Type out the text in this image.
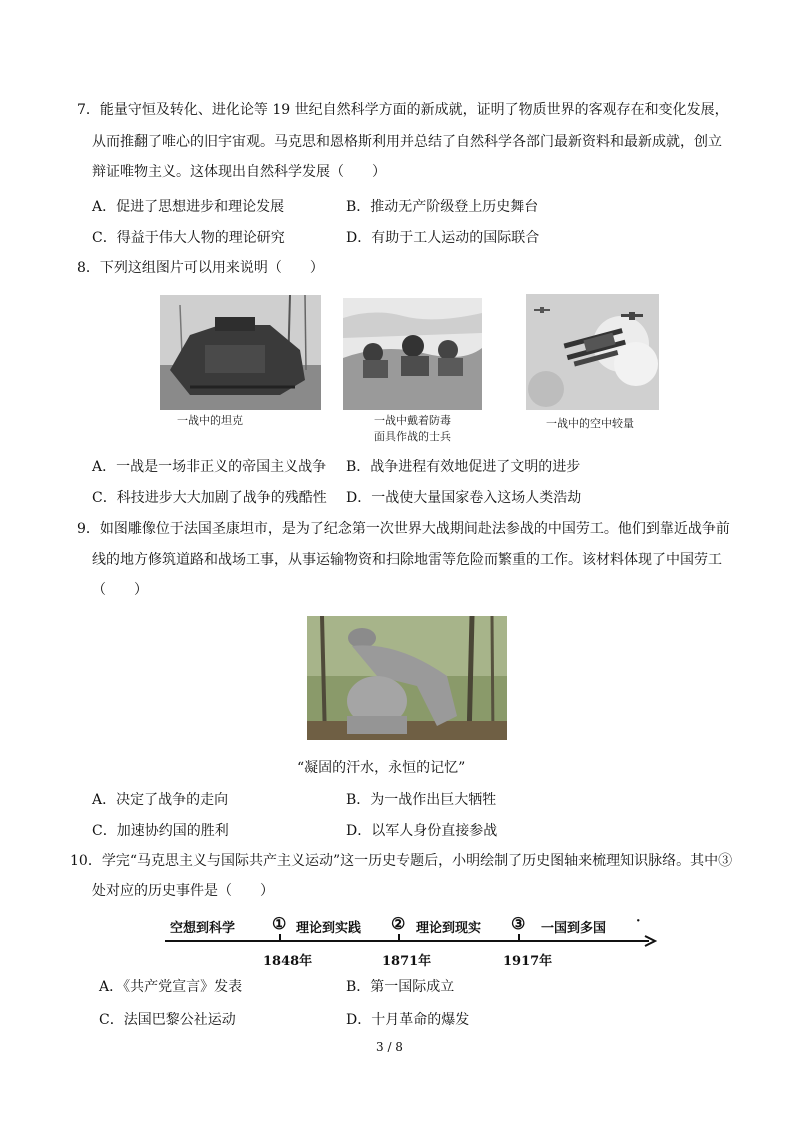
7．能量守恒及转化、进化论等 19 世纪自然科学方面的新成就，证明了物质世界的客观存在和变化发展，
从而推翻了唯心的旧宇宙观。马克思和恩格斯利用并总结了自然科学各部门最新资料和最新成就，创立
辩证唯物主义。这体现出自然科学发展（　　）
A．促进了思想进步和理论发展	B．推动无产阶级登上历史舞台
C．得益于伟大人物的理论研究	D．有助于工人运动的国际联合
8．下列这组图片可以用来说明（　　）
一战中的坦克	一战中戴着防毒
面具作战的士兵
一战中的空中较量
A．一战是一场非正义的帝国主义战争 B．战争进程有效地促进了文明的进步
C．科技进步大大加剧了战争的残酷性 D．一战使大量国家卷入这场人类浩劫
9．如图雕像位于法国圣康坦市，是为了纪念第一次世界大战期间赴法参战的中国劳工。他们到靠近战争前
线的地方修筑道路和战场工事，从事运输物资和扫除地雷等危险而繁重的工作。该材料体现了中国劳工
（　　）
“凝固的汗水，永恒的记忆”
A．决定了战争的走向	B．为一战作出巨大牺牲
C．加速协约国的胜利	D．以军人身份直接参战
10．学完“马克思主义与国际共产主义运动”这一历史专题后，小明绘制了历史图轴来梳理知识脉络。其中③
处对应的历史事件是（　　）
空想到科学 ① 理论到实践 ② 理论到现实 ③ 一国到多国 ·
1848年	1871年	1917年
A．《共产党宣言》发表	B．第一国际成立
C．法国巴黎公社运动	D．十月革命的爆发
3 / 8
